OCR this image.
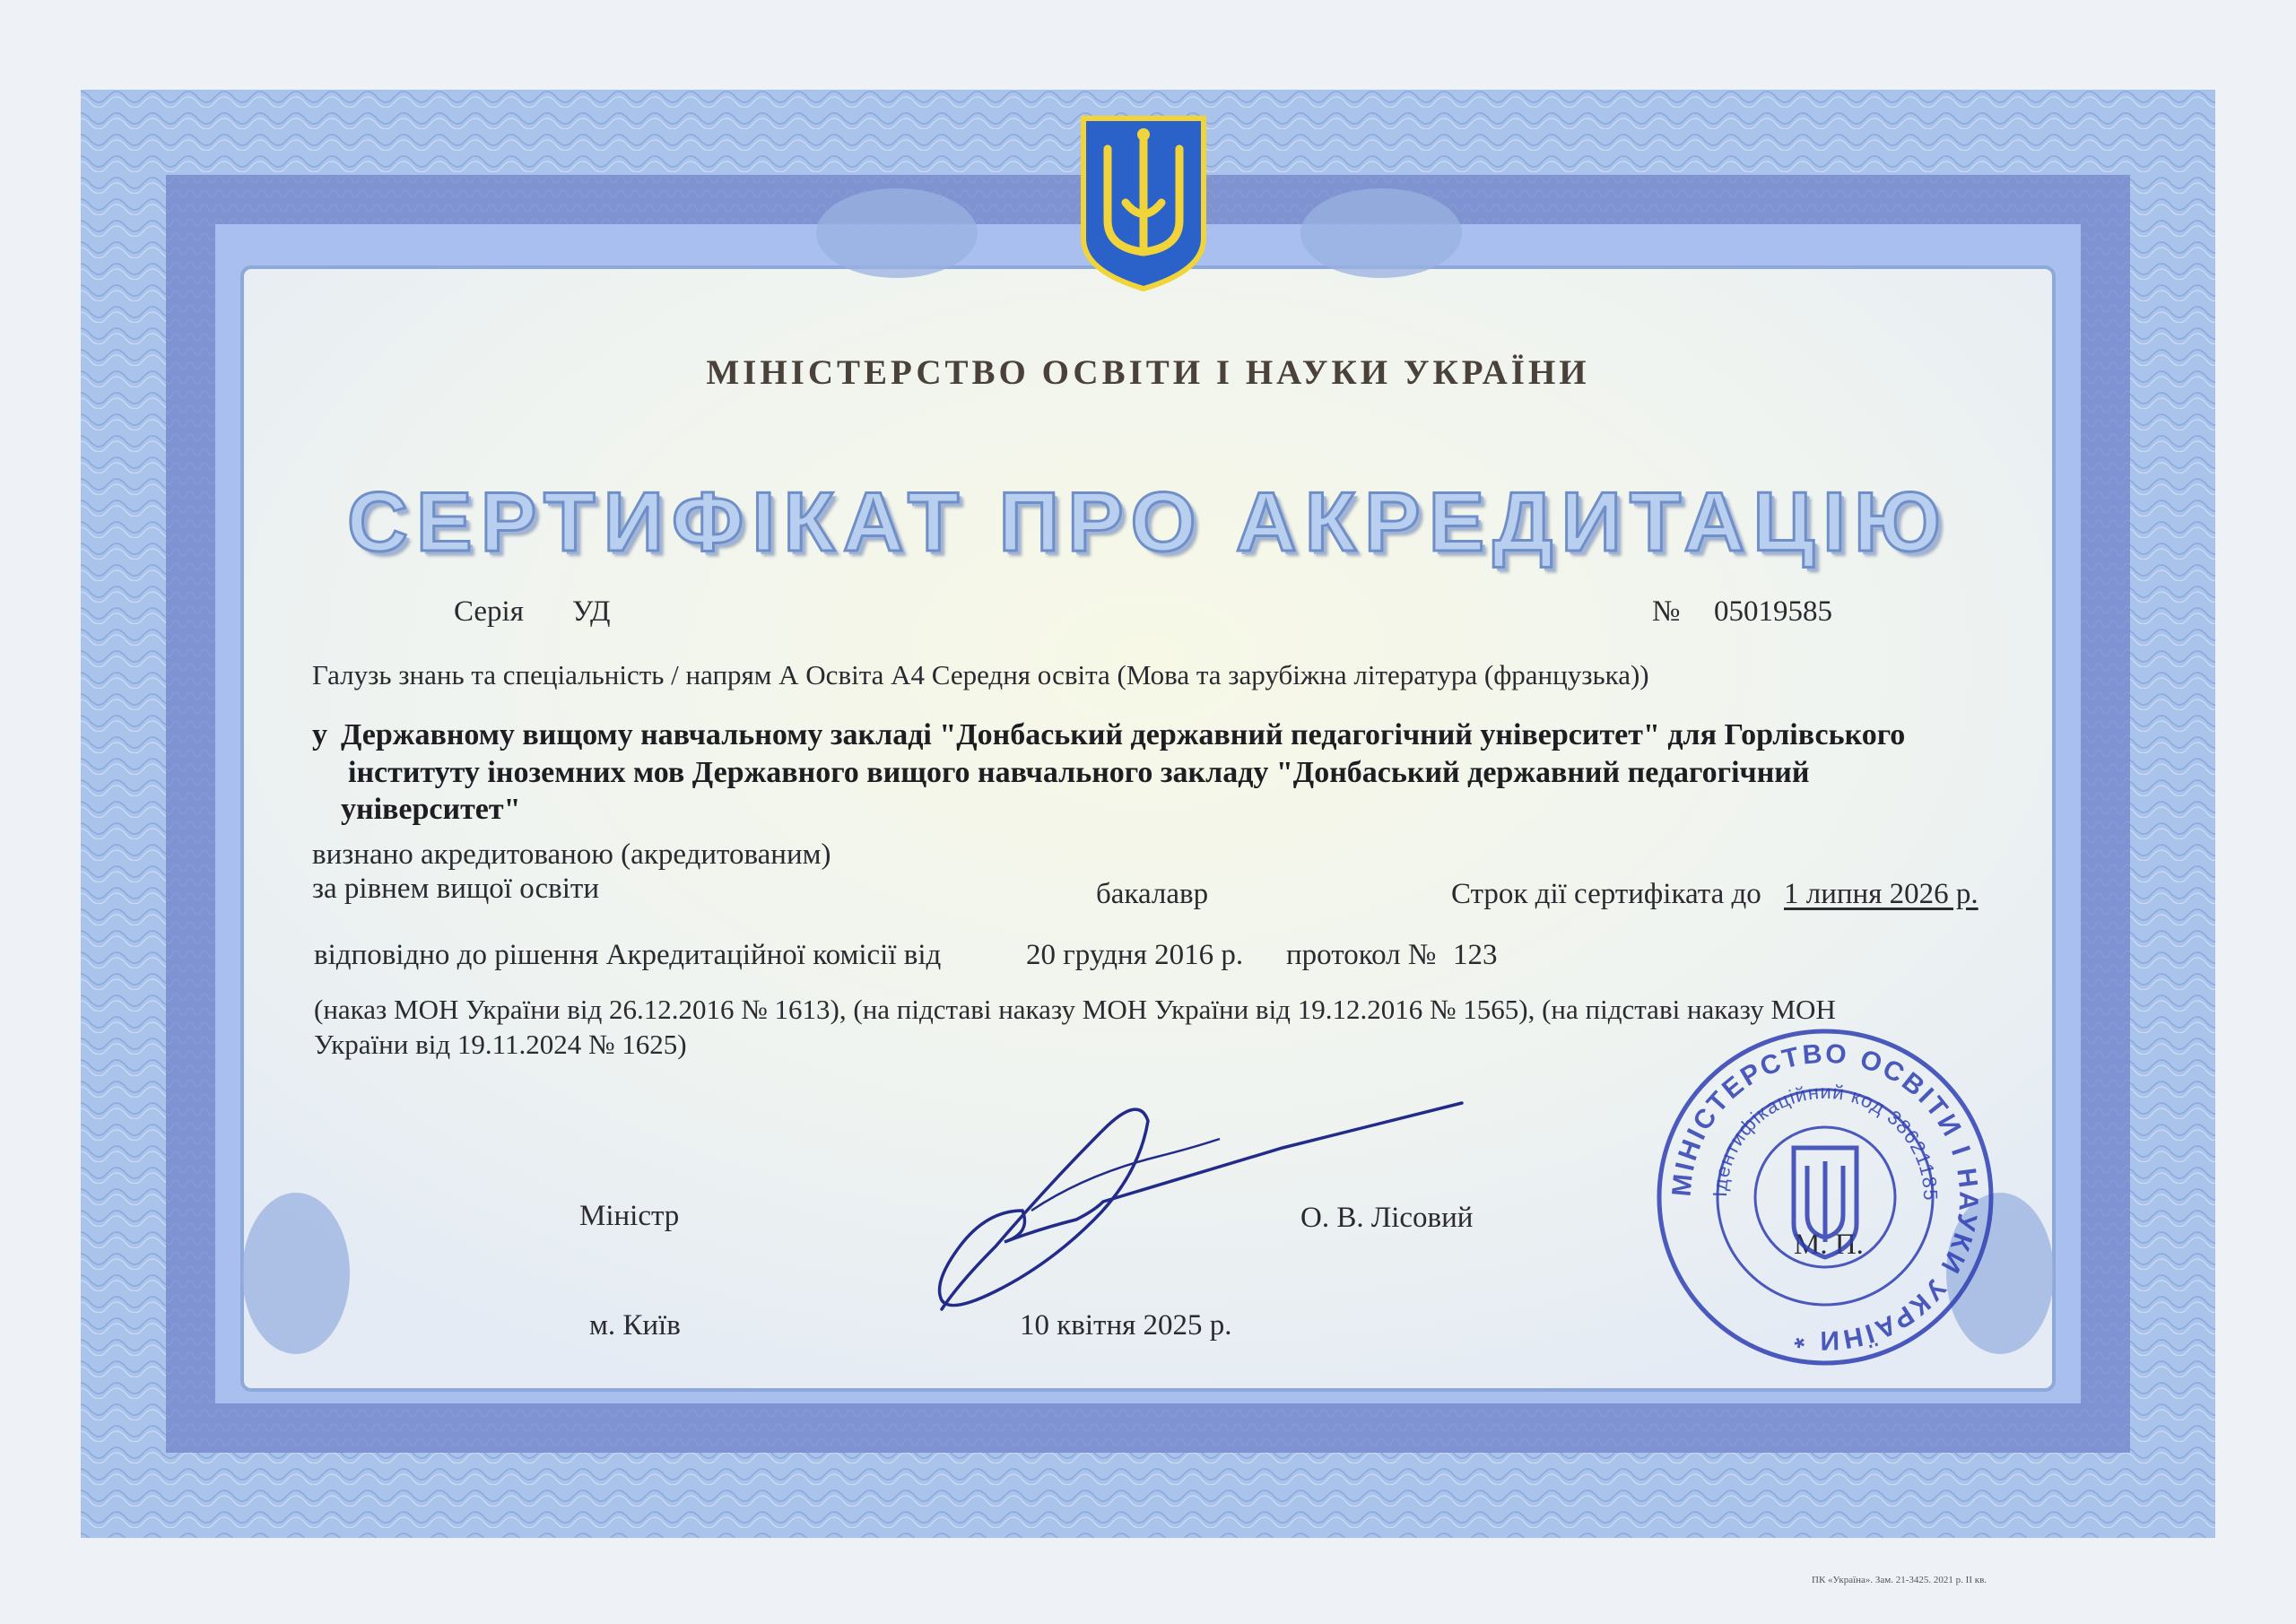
МІНІСТЕРСТВО ОСВІТИ І НАУКИ УКРАЇНИ
СЕРТИФІКАТ ПРО АКРЕДИТАЦІЮ
Серія УД	№ 05019585
Галузь знань та спеціальність / напрям А Освіта А4 Середня освіта (Мова та зарубіжна література (французька))
у Державному вищому навчальному закладі "Донбаський державний педагогічний університет" для Горлівського
інституту іноземних мов Державного вищого навчального закладу "Донбаський державний педагогічний
університет"
визнано акредитованою (акредитованим)
за рівнем вищої освіти	бакалавр	Строк дії сертифіката до 1 липня 2026 р.
відповідно до рішення Акредитаційної комісії від	20 грудня 2016 р. протокол № 123
(наказ МОН України від 26.12.2016 № 1613), (на підставі наказу МОН України від 19.12.2016 № 1565), (на підставі наказу МОН
України від 19.11.2024 № 1625)
Міністр	О. В. Лісовий
М. П.
м. Київ	10 квітня 2025 р.
МІНІСТЕРСТВО ОСВІТИ І НАУКИ УКРАЇНИ *
Ідентифікаційний код 38621185
ПК «Україна». Зам. 21-3425. 2021 р. II кв.
